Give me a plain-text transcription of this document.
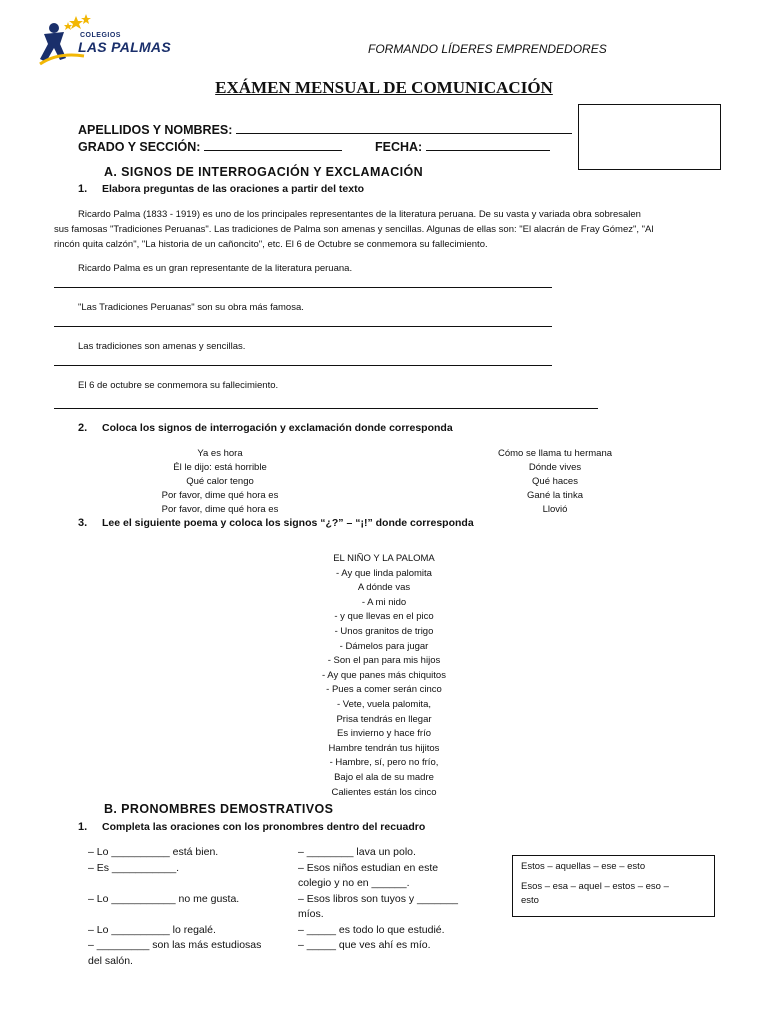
COLEGIOS
LAS PALMAS	FORMANDO LÍDERES EMPRENDEDORES
EXÁMEN MENSUAL DE COMUNICACIÓN
APELLIDOS Y NOMBRES:
GRADO Y SECCIÓN:	FECHA:
A. SIGNOS DE INTERROGACIÓN Y EXCLAMACIÓN
1. Elabora preguntas de las oraciones a partir del texto
Ricardo Palma (1833 - 1919) es uno de los principales representantes de la literatura peruana. De su vasta y variada obra sobresalen
sus famosas "Tradiciones Peruanas". Las tradiciones de Palma son amenas y sencillas. Algunas de ellas son: "El alacrán de Fray Gómez", "Al
rincón quita calzón", "La historia de un cañoncito", etc. El 6 de Octubre se conmemora su fallecimiento.
Ricardo Palma es un gran representante de la literatura peruana.
"Las Tradiciones Peruanas" son su obra más famosa.
Las tradiciones son amenas y sencillas.
El 6 de octubre se conmemora su fallecimiento.
2. Coloca los signos de interrogación y exclamación donde corresponda
Ya es hora
Él le dijo: está horrible
Qué calor tengo
Por favor, dime qué hora es
Por favor, dime qué hora es
Cómo se llama tu hermana
Dónde vives
Qué haces
Gané la tinka
Llovió
3. Lee el siguiente poema y coloca los signos “¿?” – “¡!” donde corresponda
EL NIÑO Y LA PALOMA
- Ay que linda palomita
A dónde vas
- A mi nido
- y que llevas en el pico
- Unos granitos de trigo
- Dámelos para jugar
- Son el pan para mis hijos
- Ay que panes más chiquitos
- Pues a comer serán cinco
- Vete, vuela palomita,
Prisa tendrás en llegar
Es invierno y hace frío
Hambre tendrán tus hijitos
- Hambre, sí, pero no frío,
Bajo el ala de su madre
Calientes están los cinco
B. PRONOMBRES DEMOSTRATIVOS
1. Completa las oraciones con los pronombres dentro del recuadro
– Lo __________ está bien.
– Es ___________.
– Lo ___________ no me gusta.
– Lo __________ lo regalé.
– _________ son las más estudiosas
del salón.
– ________ lava un polo.
– Esos niños estudian en este
colegio y no en ______.
– Esos libros son tuyos y _______
míos.
– _____ es todo lo que estudié.
– _____ que ves ahí es mío.
Estos – aquellas – ese – esto
Esos – esa – aquel – estos – eso –
esto
